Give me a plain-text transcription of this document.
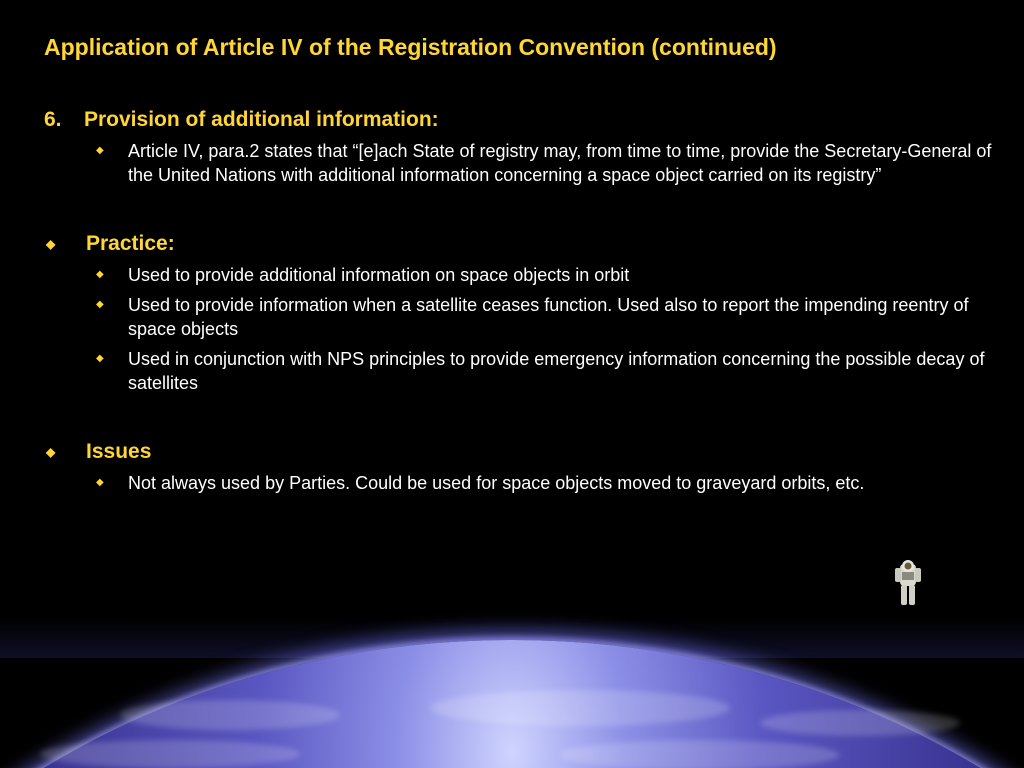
Application of Article IV of the Registration Convention (continued)
6.	Provision of additional information:
◆	Article IV, para.2 states that “[e]ach State of registry may, from time to time, provide the Secretary-General of the United Nations with additional information concerning a space object carried on its registry”
◆	Practice:
◆	Used to provide additional information on space objects in orbit
◆	Used to provide information when a satellite ceases function. Used also to report the impending reentry of space objects
◆	Used in conjunction with NPS principles to provide emergency information concerning the possible decay of satellites
◆	Issues
◆	Not always used by Parties. Could be used for space objects moved to graveyard orbits, etc.
